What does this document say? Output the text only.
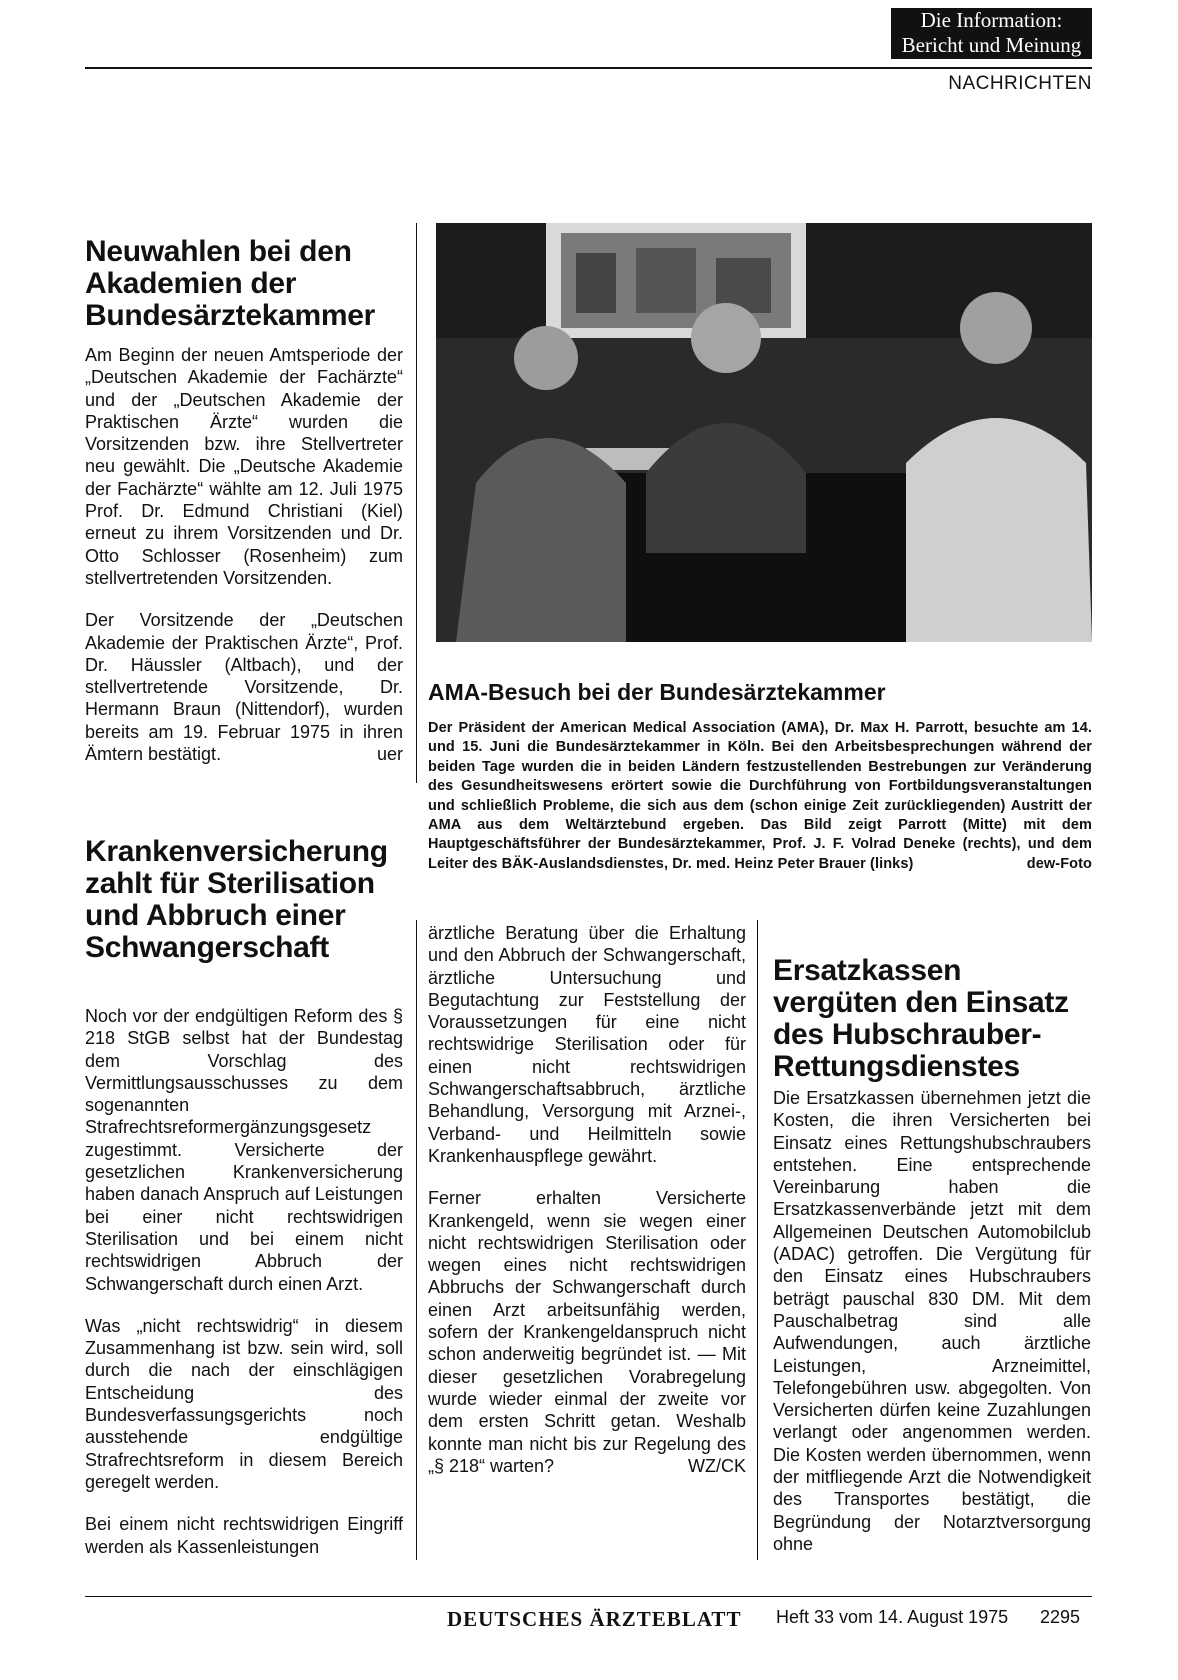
Die Information:
Bericht und Meinung
NACHRICHTEN
Neuwahlen bei den Akademien der Bundesärztekammer

Am Beginn der neuen Amtsperiode der „Deutschen Akademie der Fachärzte“ und der „Deutschen Akademie der Praktischen Ärzte“ wurden die Vorsitzenden bzw. ihre Stellvertreter neu gewählt. Die „Deutsche Akademie der Fachärzte“ wählte am 12. Juli 1975 Prof. Dr. Edmund Christiani (Kiel) erneut zu ihrem Vorsitzenden und Dr. Otto Schlosser (Rosenheim) zum stellvertretenden Vorsitzenden.

Der Vorsitzende der „Deutschen Akademie der Praktischen Ärzte“, Prof. Dr. Häussler (Altbach), und der stellvertretende Vorsitzende, Dr. Hermann Braun (Nittendorf), wurden bereits am 19. Februar 1975 in ihren Ämtern bestätigt.	uer
AMA-Besuch bei der Bundesärztekammer
Der Präsident der American Medical Association (AMA), Dr. Max H. Parrott, besuchte am 14. und 15. Juni die Bundesärztekammer in Köln. Bei den Arbeitsbesprechungen während der beiden Tage wurden die in beiden Ländern festzustellenden Bestrebungen zur Veränderung des Gesundheitswesens erörtert sowie die Durchführung von Fortbildungsveranstaltungen und schließlich Probleme, die sich aus dem (schon einige Zeit zurückliegenden) Austritt der AMA aus dem Weltärztebund ergeben. Das Bild zeigt Parrott (Mitte) mit dem Hauptgeschäftsführer der Bundesärztekammer, Prof. J. F. Volrad Deneke (rechts), und dem Leiter des BÄK-Auslandsdienstes, Dr. med. Heinz Peter Brauer (links)	dew-Foto
Krankenversicherung zahlt für Sterilisation und Abbruch einer Schwangerschaft

Noch vor der endgültigen Reform des § 218 StGB selbst hat der Bundestag dem Vorschlag des Vermittlungsausschusses zu dem sogenannten Strafrechtsreformergänzungsgesetz zugestimmt. Versicherte der gesetzlichen Krankenversicherung haben danach Anspruch auf Leistungen bei einer nicht rechtswidrigen Sterilisation und bei einem nicht rechtswidrigen Abbruch der Schwangerschaft durch einen Arzt.

Was „nicht rechtswidrig“ in diesem Zusammenhang ist bzw. sein wird, soll durch die nach der einschlägigen Entscheidung des Bundesverfassungsgerichts noch ausstehende endgültige Strafrechtsreform in diesem Bereich geregelt werden.

Bei einem nicht rechtswidrigen Eingriff werden als Kassenleistungen

ärztliche Beratung über die Erhaltung und den Abbruch der Schwangerschaft, ärztliche Untersuchung und Begutachtung zur Feststellung der Voraussetzungen für eine nicht rechtswidrige Sterilisation oder für einen nicht rechtswidrigen Schwangerschaftsabbruch, ärztliche Behandlung, Versorgung mit Arznei-, Verband- und Heilmitteln sowie Krankenhauspflege gewährt.

Ferner erhalten Versicherte Krankengeld, wenn sie wegen einer nicht rechtswidrigen Sterilisation oder wegen eines nicht rechtswidrigen Abbruchs der Schwangerschaft durch einen Arzt arbeitsunfähig werden, sofern der Krankengeldanspruch nicht schon anderweitig begründet ist. — Mit dieser gesetzlichen Vorabregelung wurde wieder einmal der zweite vor dem ersten Schritt getan. Weshalb konnte man nicht bis zur Regelung des „§ 218“ warten?	WZ/CK
Ersatzkassen vergüten den Einsatz des Hubschrauber-Rettungsdienstes

Die Ersatzkassen übernehmen jetzt die Kosten, die ihren Versicherten bei Einsatz eines Rettungshubschraubers entstehen. Eine entsprechende Vereinbarung haben die Ersatzkassenverbände jetzt mit dem Allgemeinen Deutschen Automobilclub (ADAC) getroffen. Die Vergütung für den Einsatz eines Hubschraubers beträgt pauschal 830 DM. Mit dem Pauschalbetrag sind alle Aufwendungen, auch ärztliche Leistungen, Arzneimittel, Telefongebühren usw. abgegolten. Von Versicherten dürfen keine Zuzahlungen verlangt oder angenommen werden. Die Kosten werden übernommen, wenn der mitfliegende Arzt die Notwendigkeit des Transportes bestätigt, die Begründung der Notarztversorgung ohne

DEUTSCHES ÄRZTEBLATT Heft 33 vom 14. August 1975 2295
